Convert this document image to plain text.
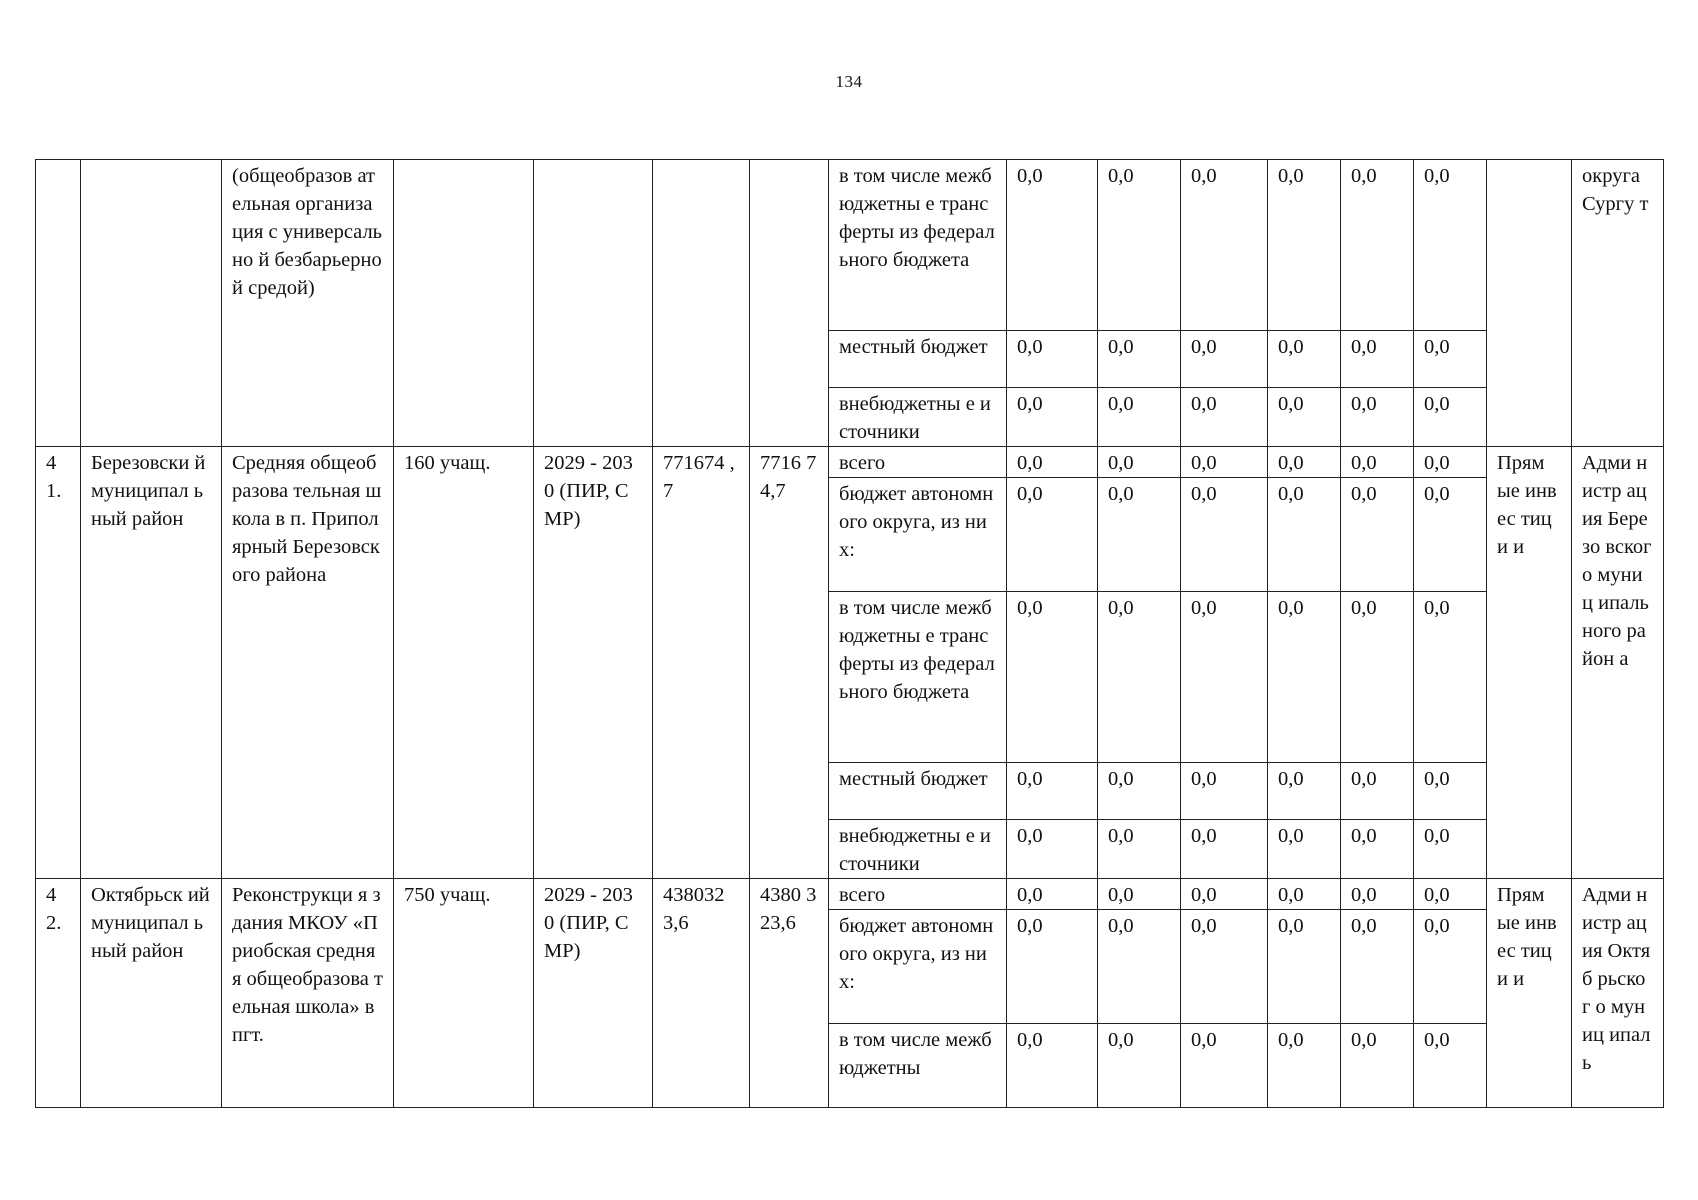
134
		(общеобразов ательная организация с универсально й безбарьерной средой)					в том числе межбюджетны е трансферты из федерального бюджета	0,0	0,0	0,0	0,0	0,0	0,0		округа Сургу т
							местный бюджет	0,0	0,0	0,0	0,0	0,0	0,0		
							внебюджетны е источники	0,0	0,0	0,0	0,0	0,0	0,0		
4 1.	Березовски й муниципал ьный район	Средняя общеобразова тельная школа в п. Приполярный Березовского района	160 учащ.	2029 - 2030 (ПИР, СМР)	771674 ,7	7716 74,7	всего	0,0	0,0	0,0	0,0	0,0	0,0	Прям ые инвес тици и	Адми нистр ация Березо вского муниц ипаль ного район а
							бюджет автономного округа, из них:	0,0	0,0	0,0	0,0	0,0	0,0		
							в том числе межбюджетны е трансферты из федерального бюджета	0,0	0,0	0,0	0,0	0,0	0,0		
							местный бюджет	0,0	0,0	0,0	0,0	0,0	0,0		
							внебюджетны е источники	0,0	0,0	0,0	0,0	0,0	0,0		
4 2.	Октябрьск ий муниципал ьный район	Реконструкци я здания МКОУ «Приобская средняя общеобразова тельная школа» в пгт.	750 учащ.	2029 - 2030 (ПИР, СМР)	438032 3,6	4380 323,6	всего	0,0	0,0	0,0	0,0	0,0	0,0	Прям ые инвес тици и	Адми нистр ация Октяб рьског о муниц ипаль
							бюджет автономного округа, из них:	0,0	0,0	0,0	0,0	0,0	0,0		
							в том числе межбюджетны	0,0	0,0	0,0	0,0	0,0	0,0		
